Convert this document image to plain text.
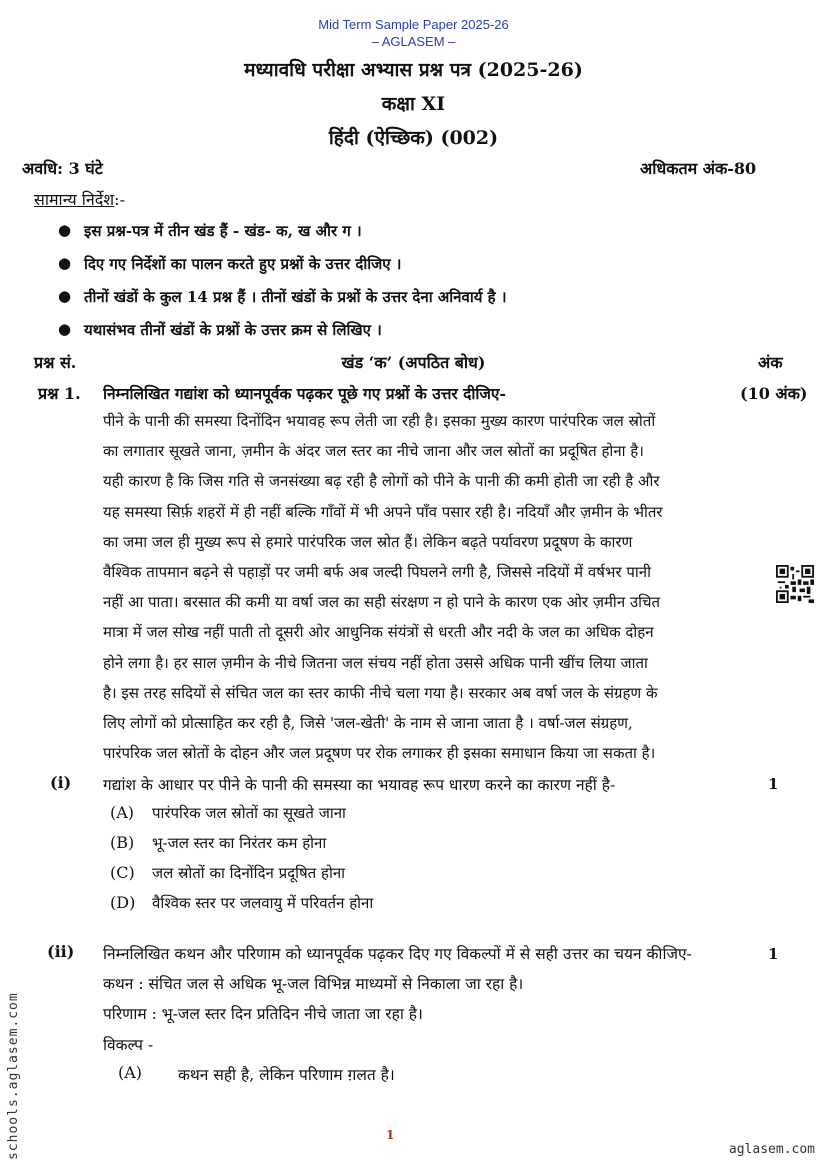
Mid Term Sample Paper 2025-26
– AGLASEM –
मध्यावधि परीक्षा अभ्यास प्रश्न पत्र (2025-26)
कक्षा XI
हिंदी (ऐच्छिक) (002)
अवधि: 3 घंटे	अधिकतम अंक-80
सामान्य निर्देश:-
● इस प्रश्न-पत्र में तीन खंड हैं - खंड- क, ख और ग ।
● दिए गए निर्देशों का पालन करते हुए प्रश्नों के उत्तर दीजिए ।
● तीनों खंडों के कुल 14 प्रश्न हैं । तीनों खंडों के प्रश्नों के उत्तर देना अनिवार्य है ।
● यथासंभव तीनों खंडों के प्रश्नों के उत्तर क्रम से लिखिए ।
प्रश्न सं.	खंड ‘क’ (अपठित बोध)	अंक
प्रश्न 1. निम्नलिखित गद्यांश को ध्यानपूर्वक पढ़कर पूछे गए प्रश्नों के उत्तर दीजिए-	(10 अंक)
पीने के पानी की समस्या दिनोंदिन भयावह रूप लेती जा रही है। इसका मुख्य कारण पारंपरिक जल स्रोतों
का लगातार सूखते जाना, ज़मीन के अंदर जल स्तर का नीचे जाना और जल स्रोतों का प्रदूषित होना है।
यही कारण है कि जिस गति से जनसंख्या बढ़ रही है लोगों को पीने के पानी की कमी होती जा रही है और
यह समस्या सिर्फ़ शहरों में ही नहीं बल्कि गाँवों में भी अपने पाँव पसार रही है। नदियाँ और ज़मीन के भीतर
का जमा जल ही मुख्य रूप से हमारे पारंपरिक जल स्रोत हैं। लेकिन बढ़ते पर्यावरण प्रदूषण के कारण
वैश्विक तापमान बढ़ने से पहाड़ों पर जमी बर्फ अब जल्दी पिघलने लगी है, जिससे नदियों में वर्षभर पानी
नहीं आ पाता। बरसात की कमी या वर्षा जल का सही संरक्षण न हो पाने के कारण एक ओर ज़मीन उचित
मात्रा में जल सोख नहीं पाती तो दूसरी ओर आधुनिक संयंत्रों से धरती और नदी के जल का अधिक दोहन
होने लगा है। हर साल ज़मीन के नीचे जितना जल संचय नहीं होता उससे अधिक पानी खींच लिया जाता
है। इस तरह सदियों से संचित जल का स्तर काफी नीचे चला गया है। सरकार अब वर्षा जल के संग्रहण के
लिए लोगों को प्रोत्साहित कर रही है, जिसे 'जल-खेती' के नाम से जाना जाता है । वर्षा-जल संग्रहण,
पारंपरिक जल स्रोतों के दोहन और जल प्रदूषण पर रोक लगाकर ही इसका समाधान किया जा सकता है।
(i) गद्यांश के आधार पर पीने के पानी की समस्या का भयावह रूप धारण करने का कारण नहीं है-	1
(A) पारंपरिक जल स्रोतों का सूखते जाना
(B) भू-जल स्तर का निरंतर कम होना
(C) जल स्रोतों का दिनोंदिन प्रदूषित होना
(D) वैश्विक स्तर पर जलवायु में परिवर्तन होना
(ii) निम्नलिखित कथन और परिणाम को ध्यानपूर्वक पढ़कर दिए गए विकल्पों में से सही उत्तर का चयन कीजिए-	1
कथन : संचित जल से अधिक भू-जल विभिन्न माध्यमों से निकाला जा रहा है।
परिणाम : भू-जल स्तर दिन प्रतिदिन नीचे जाता जा रहा है।
विकल्प -
(A) कथन सही है, लेकिन परिणाम ग़लत है।
1
aglasem.com
schools.aglasem.com
